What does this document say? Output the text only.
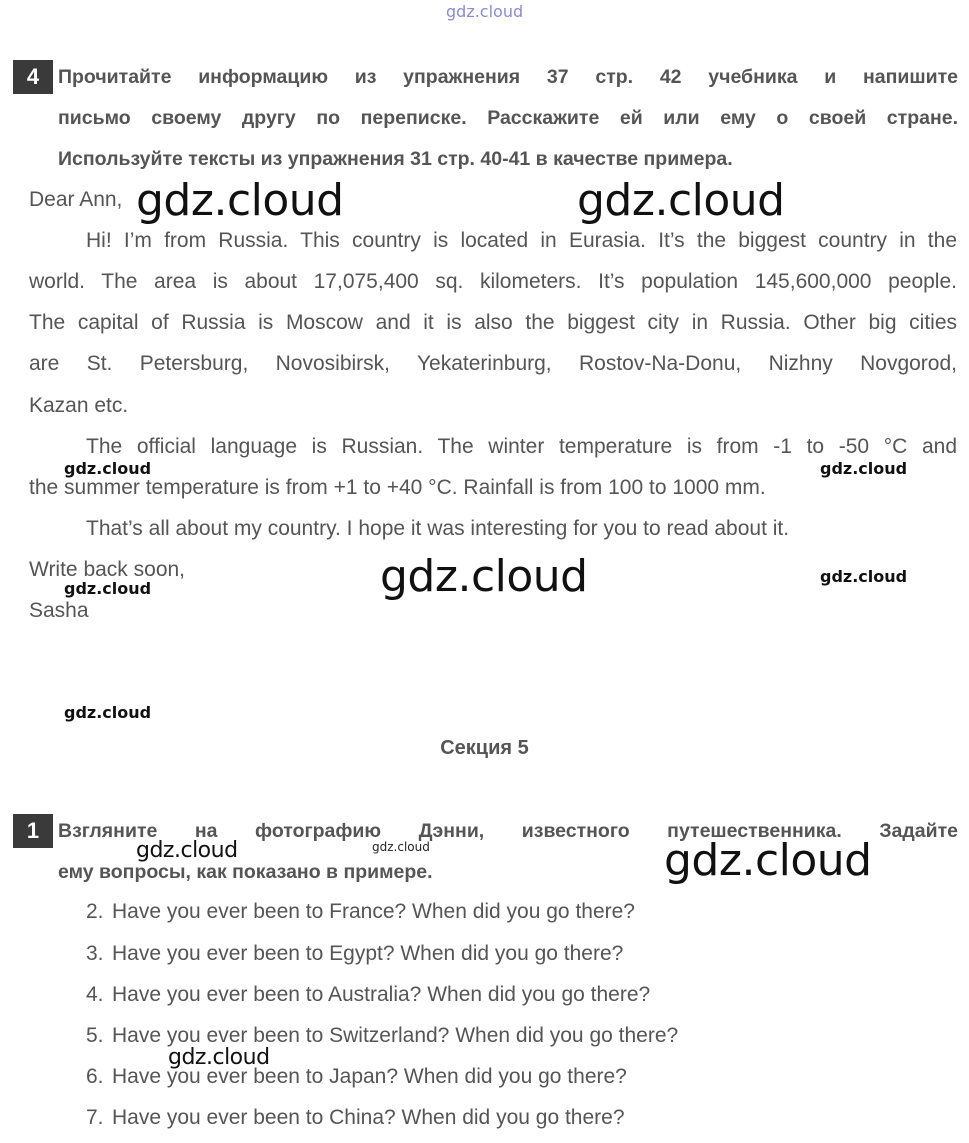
gdz.cloud
4 Прочитайте информацию из упражнения 37 стр. 42 учебника и напишите
письмо своему другу по переписке. Расскажите ей или ему о своей стране.
Используйте тексты из упражнения 31 стр. 40-41 в качестве примера.
Dear Ann,
Hi! I’m from Russia. This country is located in Eurasia. It’s the biggest country in the
world. The area is about 17,075,400 sq. kilometers. It’s population 145,600,000 people.
The capital of Russia is Moscow and it is also the biggest city in Russia. Other big cities
are St. Petersburg, Novosibirsk, Yekaterinburg, Rostov-Na-Donu, Nizhny Novgorod,
Kazan etc.
The official language is Russian. The winter temperature is from -1 to -50 °C and
the summer temperature is from +1 to +40 °C. Rainfall is from 100 to 1000 mm.
That’s all about my country. I hope it was interesting for you to read about it.
Write back soon,
Sasha
Секция 5
1 Взгляните на фотографию Дэнни, известного путешественника. Задайте
ему вопросы, как показано в примере.
2. Have you ever been to France? When did you go there?
3. Have you ever been to Egypt? When did you go there?
4. Have you ever been to Australia? When did you go there?
5. Have you ever been to Switzerland? When did you go there?
6. Have you ever been to Japan? When did you go there?
7. Have you ever been to China? When did you go there?
gdz.cloud	gdz.cloud
gdz.cloud	gdz.cloud
gdz.cloud
gdz.cloud
gdz.cloud
gdz.cloud
gdz.cloud	gdz.cloud	gdz.cloud
gdz.cloud
